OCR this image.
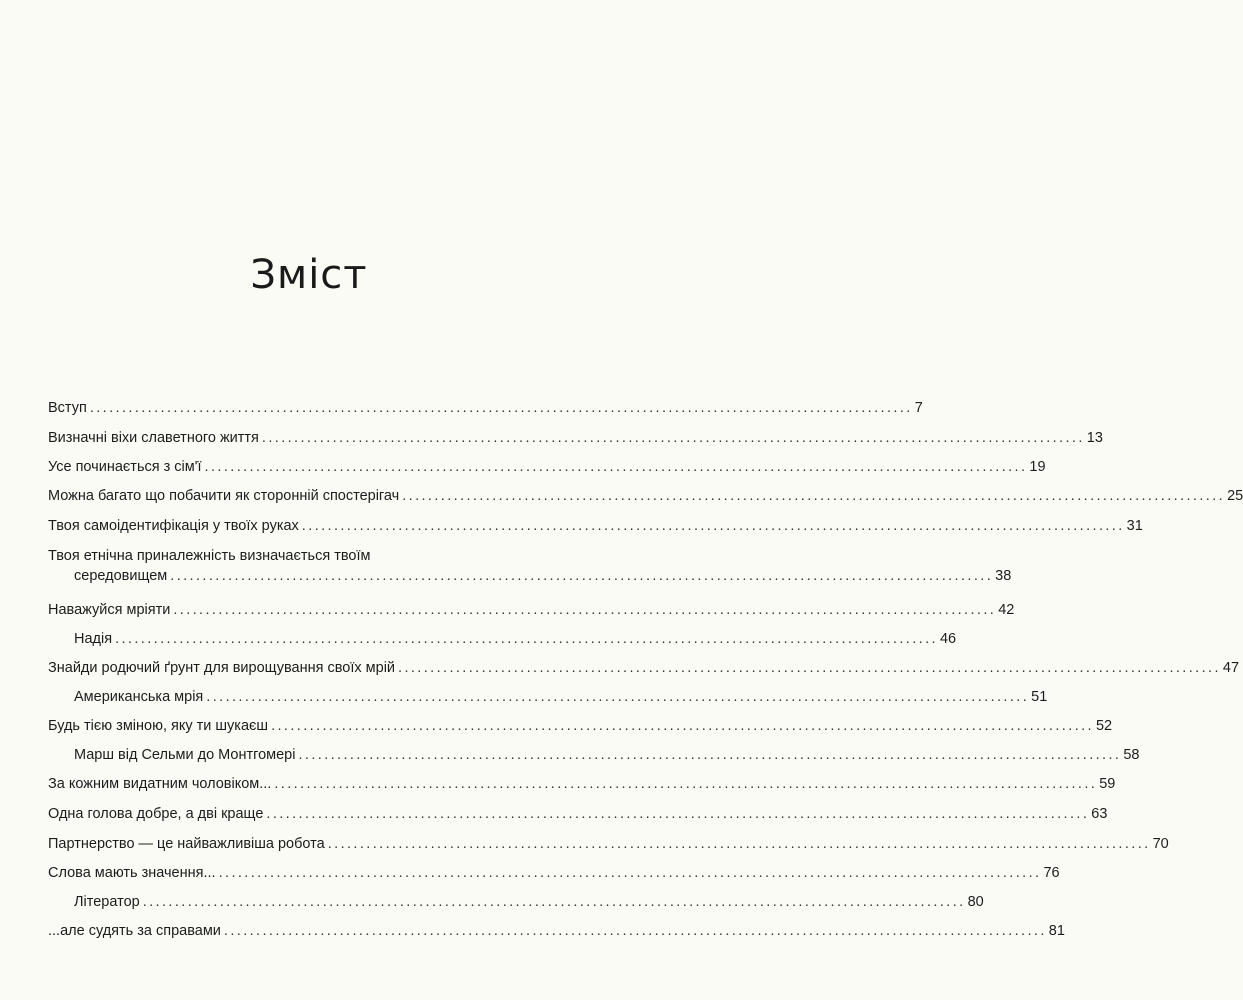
Зміст
Вступ ................................................................................................................................ 7
Визначні віхи славетного життя ................................................................................................................................ 13
Усе починається з сім'ї ................................................................................................................................ 19
Можна багато що побачити як сторонній спостерігач ................................................................................................................................ 25
Твоя самоідентифікація у твоїх руках ................................................................................................................................ 31
Твоя етнічна приналежність визначається твоїм
середовищем ................................................................................................................................ 38
Наважуйся мріяти ................................................................................................................................ 42
Надія ................................................................................................................................ 46
Знайди родючий ґрунт для вирощування своїх мрій ................................................................................................................................ 47
Американська мрія ................................................................................................................................ 51
Будь тією зміною, яку ти шукаєш ................................................................................................................................ 52
Марш від Сельми до Монтгомері ................................................................................................................................ 58
За кожним видатним чоловіком... ................................................................................................................................ 59
Одна голова добре, а дві краще ................................................................................................................................ 63
Партнерство — це найважливіша робота ................................................................................................................................ 70
Слова мають значення... ................................................................................................................................ 76
Літератор ................................................................................................................................ 80
...але судять за справами ................................................................................................................................ 81
